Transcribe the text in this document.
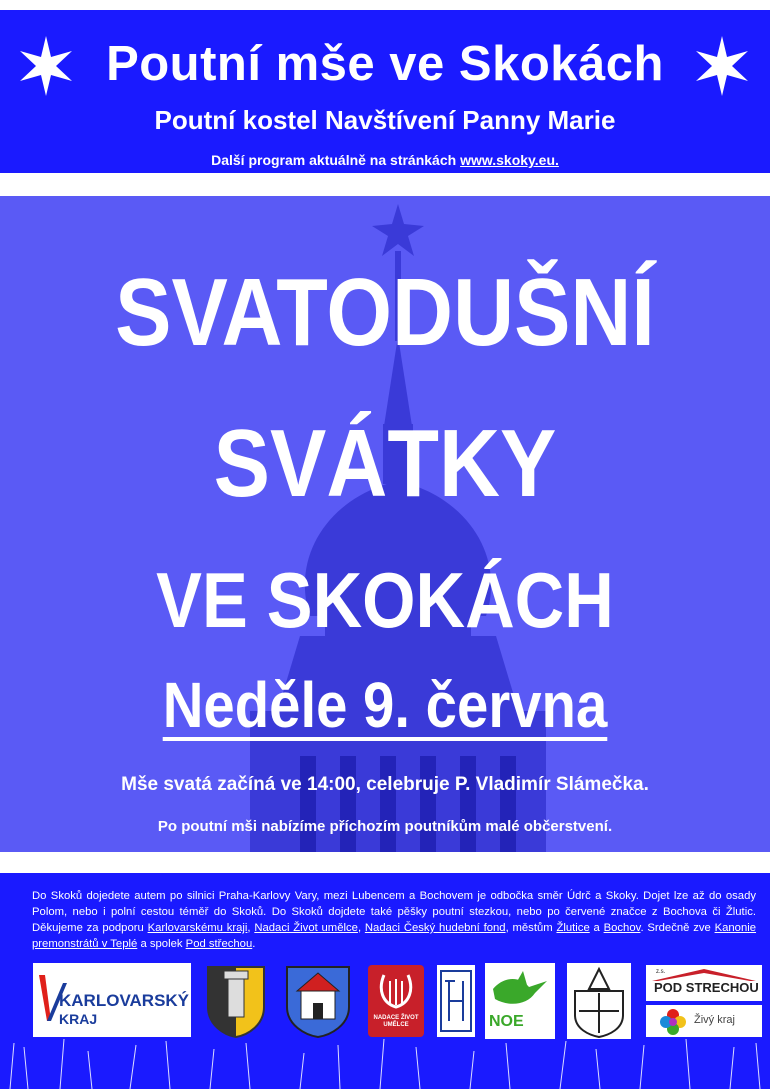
Poutní mše ve Skokách
Poutní kostel Navštívení Panny Marie
Další program aktuálně na stránkách www.skoky.eu.
SVATODUŠNÍ
SVÁTKY
VE SKOKÁCH
Neděle 9. června
Mše svatá začíná ve 14:00, celebruje P. Vladimír Slámečka.
Po poutní mši nabízíme příchozím poutníkům malé občerstvení.
Do Skoků dojedete autem po silnici Praha-Karlovy Vary, mezi Lubencem a Bochovem je odbočka směr Údrč a Skoky. Dojet lze až do osady Polom, nebo i polní cestou téměř do Skoků. Do Skoků dojdete také pěšky poutní stezkou, nebo po červené značce z Bochova či Žlutic. Děkujeme za podporu Karlovarskému kraji, Nadaci Život umělce, Nadaci Český hudební fond, městům Žlutice a Bochov. Srdečně zve Kanonie premonstrátů v Teplé a spolek Pod střechou.
KARLOVARSKÝ
KRAJ	NADACE ŽIVOT UMĚLCE	NOE
z.s.
POD STRECHOU
Živý kraj
